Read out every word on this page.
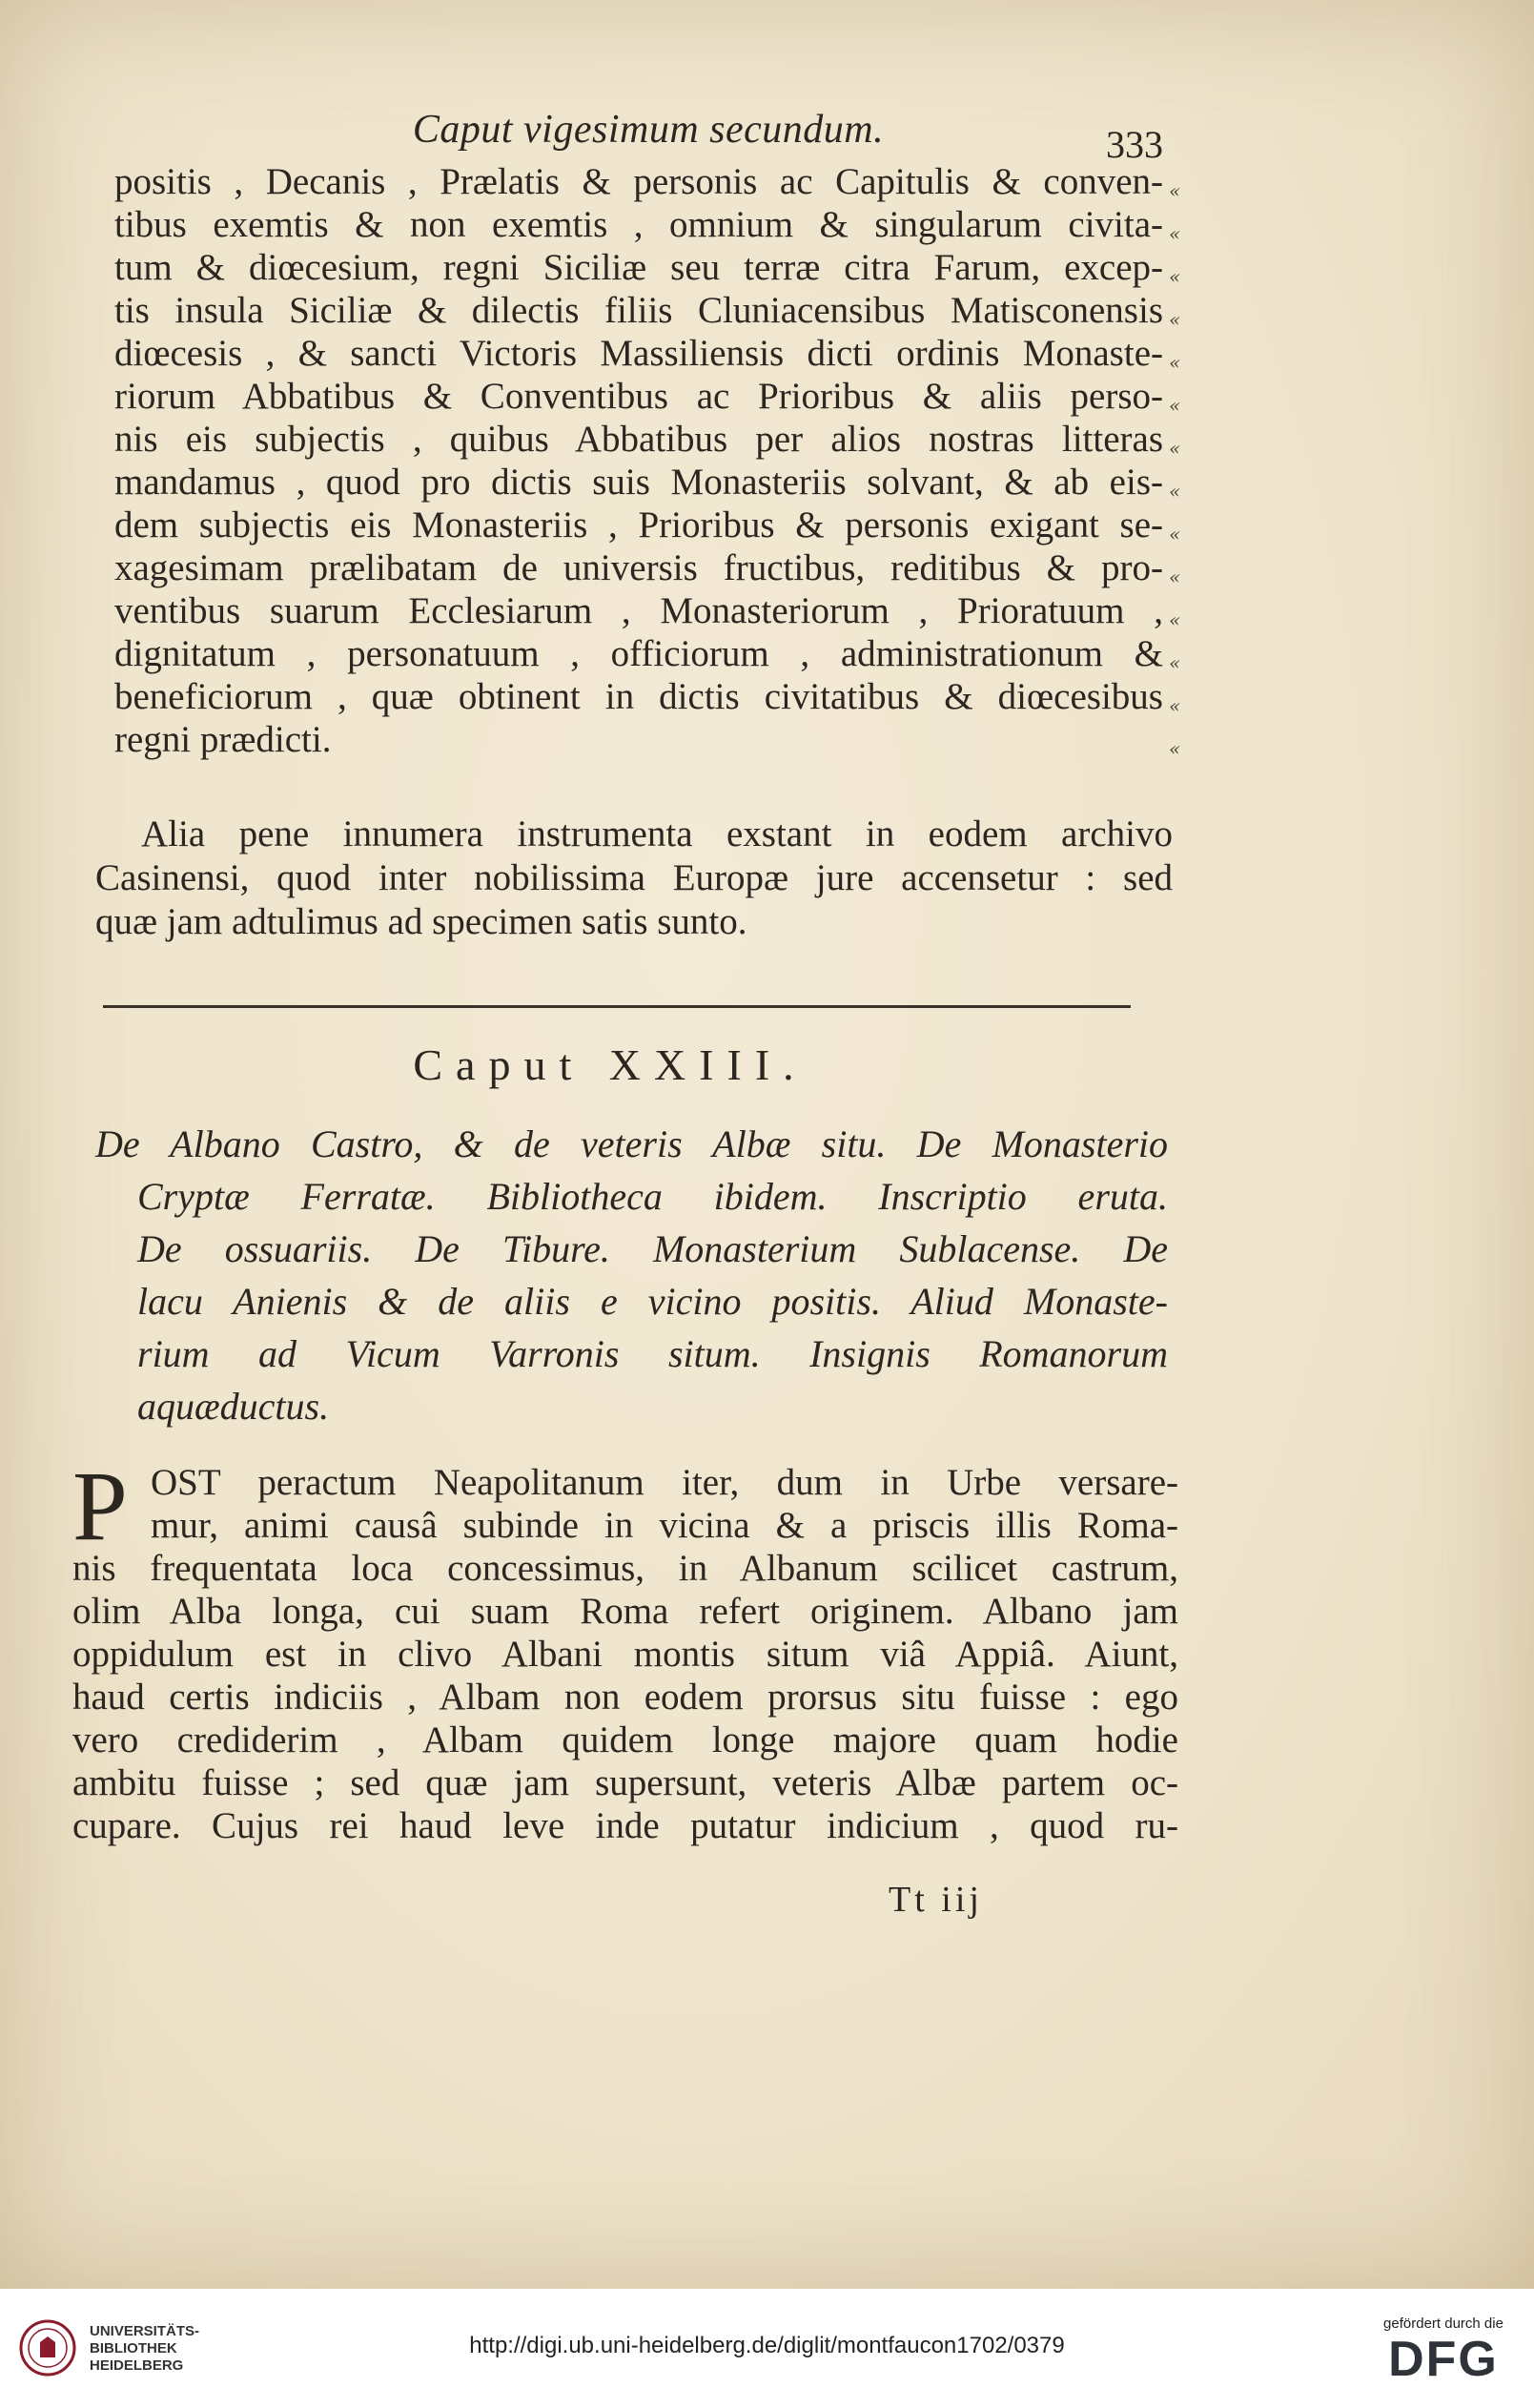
Caput vigesimum secundum.	333
positis , Decanis , Prælatis & personis ac Capitulis & conven-
tibus exemtis & non exemtis , omnium & singularum civita-
tum & diœcesium, regni Siciliæ seu terræ citra Farum, excep-
tis insula Siciliæ & dilectis filiis Cluniacensibus Matisconensis
diœcesis , & sancti Victoris Massiliensis dicti ordinis Monaste-
riorum Abbatibus & Conventibus ac Prioribus & aliis perso-
nis eis subjectis , quibus Abbatibus per alios nostras litteras
mandamus , quod pro dictis suis Monasteriis solvant, & ab eis-
dem subjectis eis Monasteriis , Prioribus & personis exigant se-
xagesimam prælibatam de universis fructibus, reditibus & pro-
ventibus suarum Ecclesiarum , Monasteriorum , Prioratuum ,
dignitatum , personatuum , officiorum , administrationum &
beneficiorum , quæ obtinent in dictis civitatibus & diœcesibus
regni prædicti.
«
«
«
«
«
«
«
«
«
«
«
«
«
«
Alia pene innumera instrumenta exstant in eodem archivo
Casinensi, quod inter nobilissima Europæ jure accensetur : sed
quæ jam adtulimus ad specimen satis sunto.
Caput XXIII.
De Albano Castro, & de veteris Albæ situ. De Monasterio
Cryptæ Ferratæ. Bibliotheca ibidem. Inscriptio eruta.
De ossuariis. De Tibure. Monasterium Sublacense. De
lacu Anienis & de aliis e vicino positis. Aliud Monaste-
rium ad Vicum Varronis situm. Insignis Romanorum
aquæductus.
P OST peractum Neapolitanum iter, dum in Urbe versare-
mur, animi causâ subinde in vicina & a priscis illis Roma-
nis frequentata loca concessimus, in Albanum scilicet castrum,
olim Alba longa, cui suam Roma refert originem. Albano jam
oppidulum est in clivo Albani montis situm viâ Appiâ. Aiunt,
haud certis indiciis , Albam non eodem prorsus situ fuisse : ego
vero crediderim , Albam quidem longe majore quam hodie
ambitu fuisse ; sed quæ jam supersunt, veteris Albæ partem oc-
cupare. Cujus rei haud leve inde putatur indicium , quod ru-
Tt iij
UNIVERSITÄTS-
BIBLIOTHEK
HEIDELBERG
http://digi.ub.uni-heidelberg.de/diglit/montfaucon1702/0379
gefördert durch die
DFG
